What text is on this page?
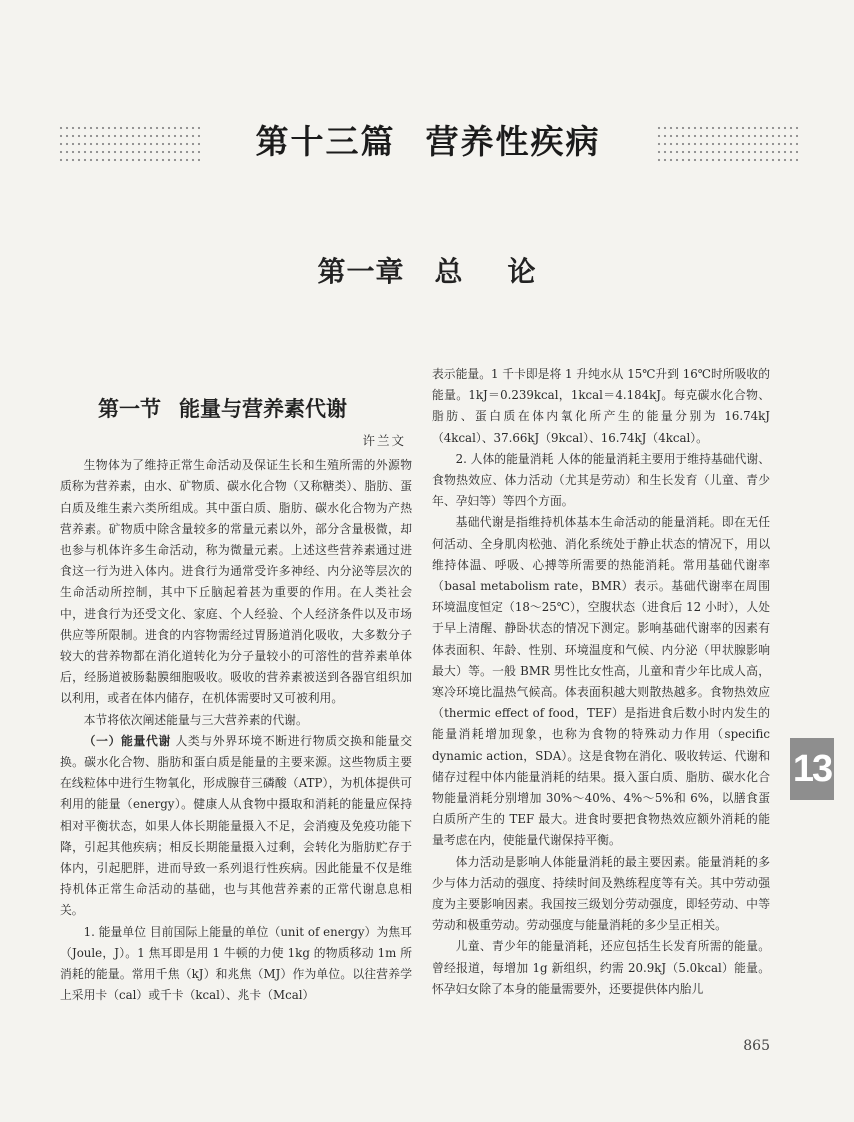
第十三篇 营养性疾病
第一章 总 论
第一节 能量与营养素代谢
许兰文

生物体为了维持正常生命活动及保证生长和生殖所需的外源物质称为营养素，由水、矿物质、碳水化合物（又称糖类）、脂肪、蛋白质及维生素六类所组成。其中蛋白质、脂肪、碳水化合物为产热营养素。矿物质中除含量较多的常量元素以外，部分含量极微，却也参与机体许多生命活动，称为微量元素。上述这些营养素通过进食这一行为进入体内。进食行为通常受许多神经、内分泌等层次的生命活动所控制，其中下丘脑起着甚为重要的作用。在人类社会中，进食行为还受文化、家庭、个人经验、个人经济条件以及市场供应等所限制。进食的内容物需经过胃肠道消化吸收，大多数分子较大的营养物都在消化道转化为分子量较小的可溶性的营养素单体后，经肠道被肠黏膜细胞吸收。吸收的营养素被送到各器官组织加以利用，或者在体内储存，在机体需要时又可被利用。

本节将依次阐述能量与三大营养素的代谢。

（一）能量代谢 人类与外界环境不断进行物质交换和能量交换。碳水化合物、脂肪和蛋白质是能量的主要来源。这些物质主要在线粒体中进行生物氧化，形成腺苷三磷酸（ATP），为机体提供可利用的能量（energy）。健康人从食物中摄取和消耗的能量应保持相对平衡状态，如果人体长期能量摄入不足，会消瘦及免疫功能下降，引起其他疾病；相反长期能量摄入过剩，会转化为脂肪贮存于体内，引起肥胖，进而导致一系列退行性疾病。因此能量不仅是维持机体正常生命活动的基础，也与其他营养素的正常代谢息息相关。

1. 能量单位 目前国际上能量的单位（unit of energy）为焦耳（Joule，J）。1 焦耳即是用 1 牛顿的力使 1kg 的物质移动 1m 所消耗的能量。常用千焦（kJ）和兆焦（MJ）作为单位。以往营养学上采用卡（cal）或千卡（kcal）、兆卡（Mcal）

表示能量。1 千卡即是将 1 升纯水从 15℃升到 16℃时所吸收的能量。1kJ＝0.239kcal，1kcal＝4.184kJ。每克碳水化合物、脂肪、蛋白质在体内氧化所产生的能量分别为 16.74kJ（4kcal）、37.66kJ（9kcal）、16.74kJ（4kcal）。

2. 人体的能量消耗 人体的能量消耗主要用于维持基础代谢、食物热效应、体力活动（尤其是劳动）和生长发育（儿童、青少年、孕妇等）等四个方面。

基础代谢是指维持机体基本生命活动的能量消耗。即在无任何活动、全身肌肉松弛、消化系统处于静止状态的情况下，用以维持体温、呼吸、心搏等所需要的热能消耗。常用基础代谢率（basal metabolism rate，BMR）表示。基础代谢率在周围环境温度恒定（18～25℃），空腹状态（进食后 12 小时），人处于早上清醒、静卧状态的情况下测定。影响基础代谢率的因素有体表面积、年龄、性别、环境温度和气候、内分泌（甲状腺影响最大）等。一般 BMR 男性比女性高，儿童和青少年比成人高，寒冷环境比温热气候高。体表面积越大则散热越多。食物热效应（thermic effect of food，TEF）是指进食后数小时内发生的能量消耗增加现象，也称为食物的特殊动力作用（specific dynamic action，SDA）。这是食物在消化、吸收转运、代谢和储存过程中体内能量消耗的结果。摄入蛋白质、脂肪、碳水化合物能量消耗分别增加 30%～40%、4%～5%和 6%，以膳食蛋白质所产生的 TEF 最大。进食时要把食物热效应额外消耗的能量考虑在内，使能量代谢保持平衡。

体力活动是影响人体能量消耗的最主要因素。能量消耗的多少与体力活动的强度、持续时间及熟练程度等有关。其中劳动强度为主要影响因素。我国按三级划分劳动强度，即轻劳动、中等劳动和极重劳动。劳动强度与能量消耗的多少呈正相关。

儿童、青少年的能量消耗，还应包括生长发育所需的能量。曾经报道，每增加 1g 新组织，约需 20.9kJ（5.0kcal）能量。怀孕妇女除了本身的能量需要外，还要提供体内胎儿

13
865
